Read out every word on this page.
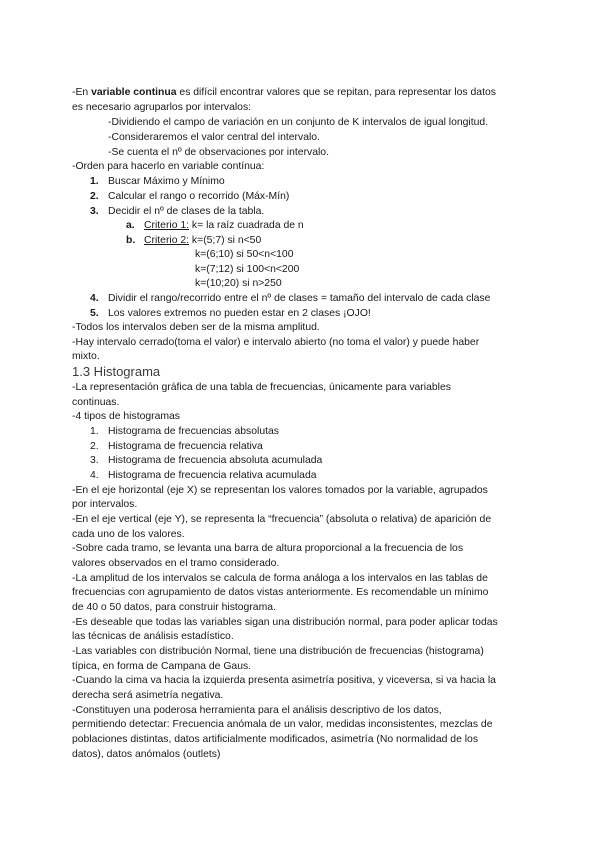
-En variable continua es difícil encontrar valores que se repitan, para representar los datos
es necesario agruparlos por intervalos:
-Dividiendo el campo de variación en un conjunto de K intervalos de igual longitud.
-Consideraremos el valor central del intervalo.
-Se cuenta el nº de observaciones por intervalo.
-Orden para hacerlo en variable contínua:
1. Buscar Máximo y Mínimo
2. Calcular el rango o recorrido (Máx-Mín)
3. Decidir el nº de clases de la tabla.
a. Criterio 1: k= la raíz cuadrada de n
b. Criterio 2: k=(5;7) si n<50
k=(6;10) si 50<n<100
k=(7;12) si 100<n<200
k=(10;20) si n>250
4. Dividir el rango/recorrido entre el nº de clases = tamaño del intervalo de cada clase
5. Los valores extremos no pueden estar en 2 clases ¡OJO!
-Todos los intervalos deben ser de la misma amplitud.
-Hay intervalo cerrado(toma el valor) e intervalo abierto (no toma el valor) y puede haber
mixto.
1.3 Histograma
-La representación gráfica de una tabla de frecuencias, únicamente para variables
continuas.
-4 tipos de histogramas
1. Histograma de frecuencias absolutas
2. Histograma de frecuencia relativa
3. Histograma de frecuencia absoluta acumulada
4. Histograma de frecuencia relativa acumulada
-En el eje horizontal (eje X) se representan los valores tomados por la variable, agrupados
por intervalos.
-En el eje vertical (eje Y), se representa la “frecuencia” (absoluta o relativa) de aparición de
cada uno de los valores.
-Sobre cada tramo, se levanta una barra de altura proporcional a la frecuencia de los
valores observados en el tramo considerado.
-La amplitud de los intervalos se calcula de forma análoga a los intervalos en las tablas de
frecuencias con agrupamiento de datos vistas anteriormente. Es recomendable un mínimo
de 40 o 50 datos, para construir histograma.
-Es deseable que todas las variables sigan una distribución normal, para poder aplicar todas
las técnicas de análisis estadístico.
-Las variables con distribución Normal, tiene una distribución de frecuencias (histograma)
típica, en forma de Campana de Gaus.
-Cuando la cima va hacia la izquierda presenta asimetría positiva, y viceversa, si va hacia la
derecha será asimetría negativa.
-Constituyen una poderosa herramienta para el análisis descriptivo de los datos,
permitiendo detectar: Frecuencia anómala de un valor, medidas inconsistentes, mezclas de
poblaciones distintas, datos artificialmente modificados, asimetría (No normalidad de los
datos), datos anómalos (outlets)
